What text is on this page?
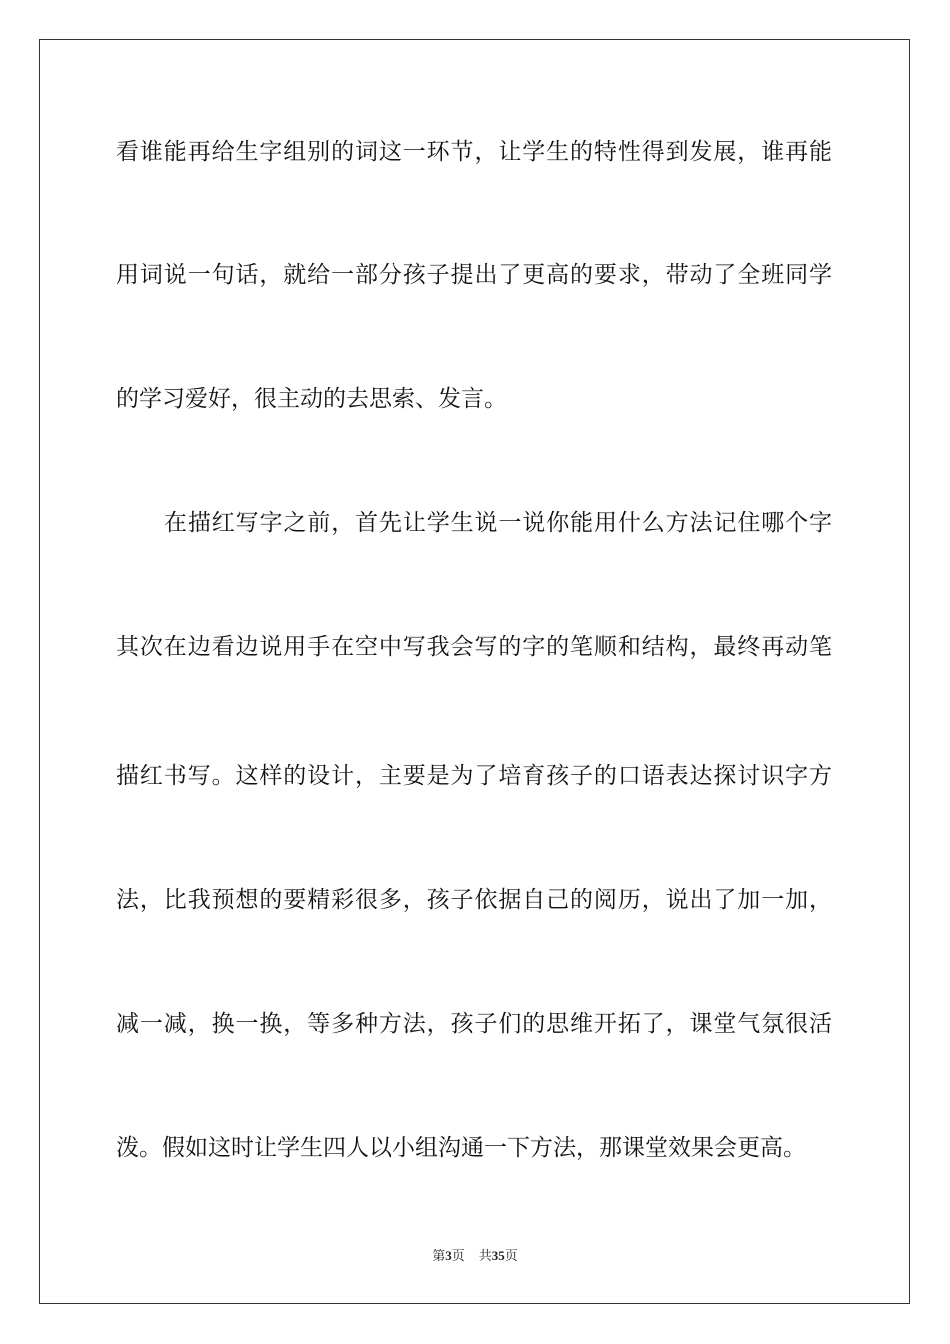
看谁能再给生字组别的词这一环节，让学生的特性得到发展，谁再能
用词说一句话，就给一部分孩子提出了更高的要求，带动了全班同学
的学习爱好，很主动的去思索、发言。
在描红写字之前，首先让学生说一说你能用什么方法记住哪个字
其次在边看边说用手在空中写我会写的字的笔顺和结构，最终再动笔
描红书写。这样的设计，主要是为了培育孩子的口语表达探讨识字方
法，比我预想的要精彩很多，孩子依据自己的阅历，说出了加一加，
减一减，换一换，等多种方法，孩子们的思维开拓了，课堂气氛很活
泼。假如这时让学生四人以小组沟通一下方法，那课堂效果会更高。
第3页 共35页
